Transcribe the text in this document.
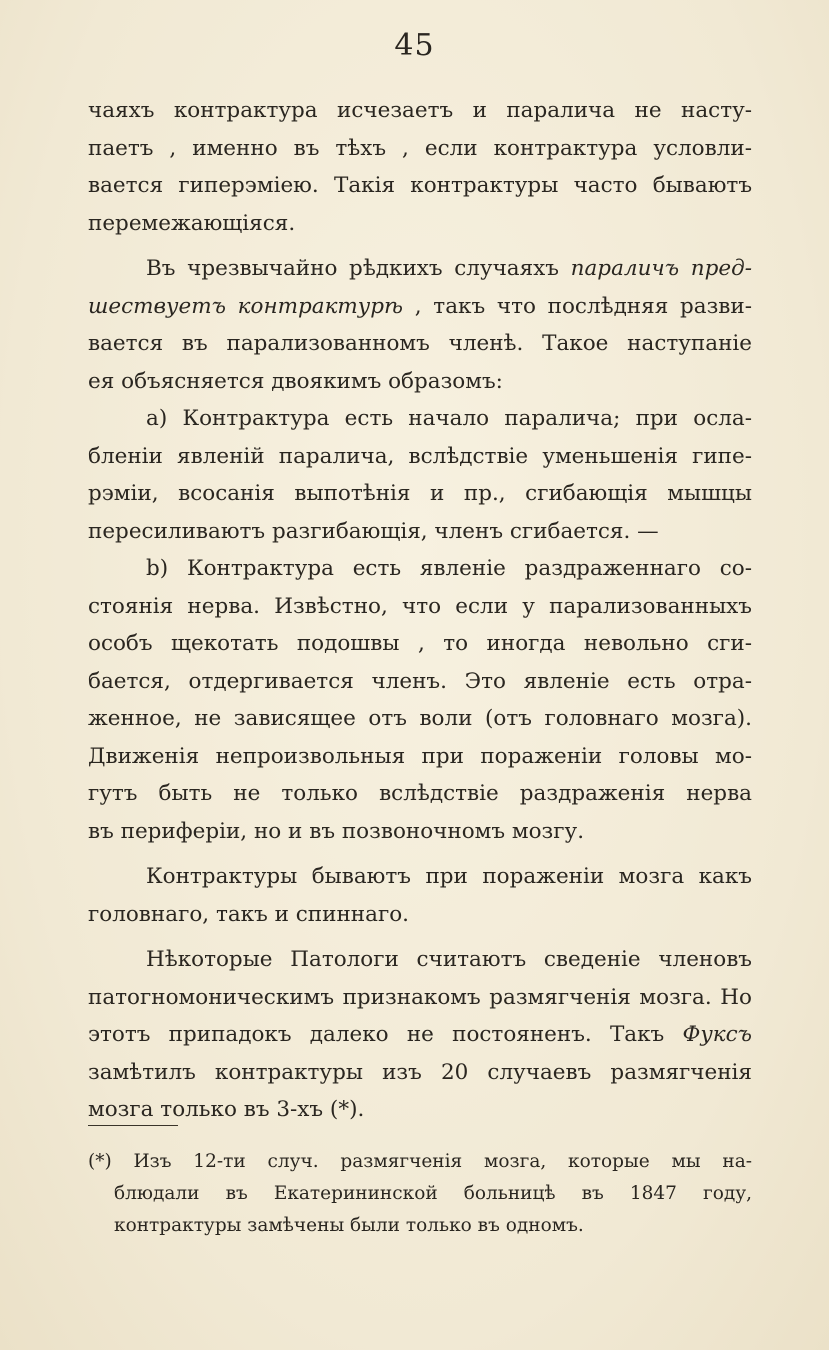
45
чаяхъ контрактура исчезаетъ и паралича не насту-
паетъ , именно въ тѣхъ , если контрактура условли-
вается гиперэміею. Такія контрактуры часто бываютъ
перемежающіяся.
Въ чрезвычайно рѣдкихъ случаяхъ параличъ пред-
шествуетъ контрактурѣ , такъ что послѣдняя разви-
вается въ парализованномъ членѣ. Такое наступаніе
ея объясняется двоякимъ образомъ:
а) Контрактура есть начало паралича; при осла-
бленіи явленій паралича, вслѣдствіе уменьшенія гипе-
рэміи, всосанія выпотѣнія и пр., сгибающія мышцы
пересиливаютъ разгибающія, членъ сгибается. —
b) Контрактура есть явленіе раздраженнаго со-
стоянія нерва. Извѣстно, что если у парализованныхъ
особъ щекотать подошвы , то иногда невольно сги-
бается, отдергивается членъ. Это явленіе есть отра-
женное, не зависящее отъ воли (отъ головнаго мозга).
Движенія непроизвольныя при пораженіи головы мо-
гутъ быть не только вслѣдствіе раздраженія нерва
въ периферіи, но и въ позвоночномъ мозгу.
Контрактуры бываютъ при пораженіи мозга какъ
головнаго, такъ и спиннаго.
Нѣкоторые Патологи считаютъ сведеніе членовъ
патогномоническимъ признакомъ размягченія мозга. Но
этотъ припадокъ далеко не постояненъ. Такъ Фуксъ
замѣтилъ контрактуры изъ 20 случаевъ размягченія
мозга только въ 3-хъ (*).
(*) Изъ 12-ти случ. размягченія мозга, которые мы на-
блюдали въ Екатерининской больницѣ въ 1847 году,
контрактуры замѣчены были только въ одномъ.
